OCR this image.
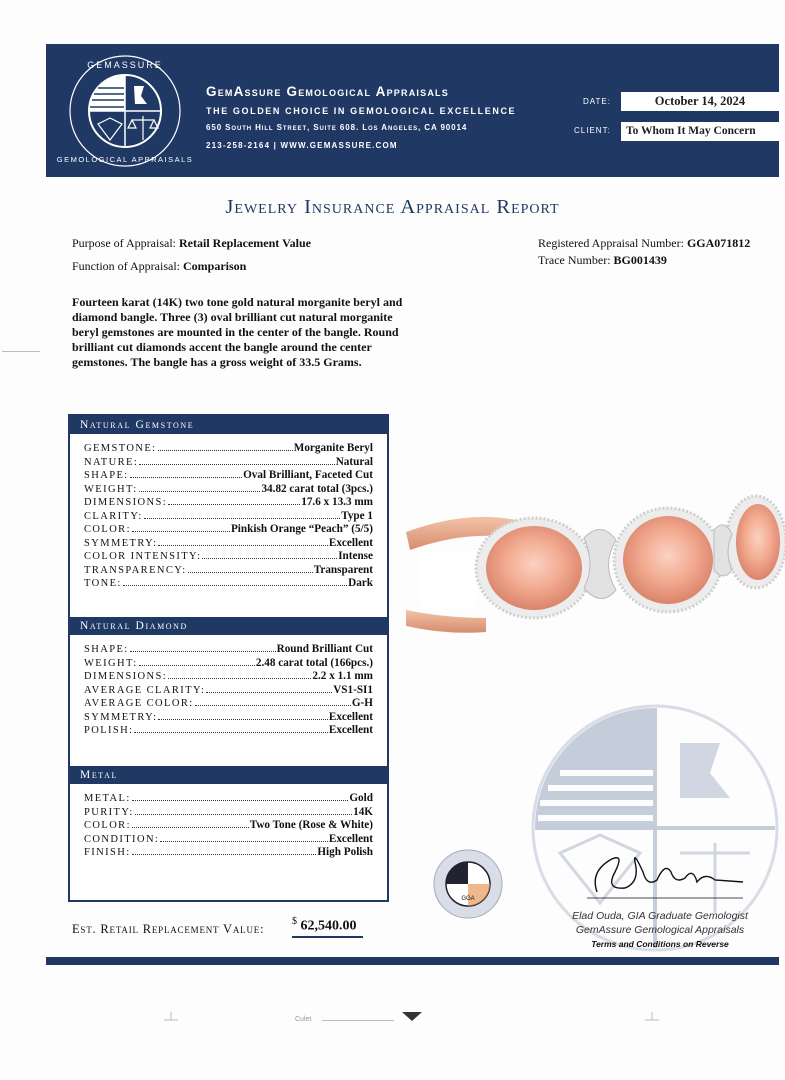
GEMASSURE
GEMOLOGICAL APPRAISALS
GemAssure Gemological Appraisals
THE GOLDEN CHOICE IN GEMOLOGICAL EXCELLENCE
650 South Hill Street, Suite 608. Los Angeles, CA 90014
213-258-2164 | WWW.GEMASSURE.COM
DATE:	October 14, 2024
CLIENT:	To Whom It May Concern
Jewelry Insurance Appraisal Report
Purpose of Appraisal: Retail Replacement Value
Function of Appraisal: Comparison
Registered Appraisal Number: GGA071812
Trace Number: BG001439
Fourteen karat (14K) two tone gold natural morganite beryl and diamond bangle. Three (3) oval brilliant cut natural morganite beryl gemstones are mounted in the center of the bangle. Round brilliant cut diamonds accent the bangle around the center gemstones. The bangle has a gross weight of 33.5 Grams.
Natural Gemstone
GEMSTONE:	Morganite Beryl
NATURE:	Natural
SHAPE:	Oval Brilliant, Faceted Cut
WEIGHT:	34.82 carat total (3pcs.)
DIMENSIONS:	17.6 x 13.3 mm
CLARITY:	Type 1
COLOR:	Pinkish Orange “Peach” (5/5)
SYMMETRY:	Excellent
COLOR INTENSITY:	Intense
TRANSPARENCY:	Transparent
TONE:	Dark
Natural Diamond
SHAPE:	Round Brilliant Cut
WEIGHT:	2.48 carat total (166pcs.)
DIMENSIONS:	2.2 x 1.1 mm
AVERAGE CLARITY:	VS1-SI1
AVERAGE COLOR:	G-H
SYMMETRY:	Excellent
POLISH:	Excellent
Metal
METAL:	Gold
PURITY:	14K
COLOR:	Two Tone (Rose & White)
CONDITION:	Excellent
FINISH:	High Polish
GGA
Elad Ouda, GIA Graduate Gemologist
GemAssure Gemological Appraisals
Terms and Conditions on Reverse
Est. Retail Replacement Value:
$ 62,540.00
Culet
